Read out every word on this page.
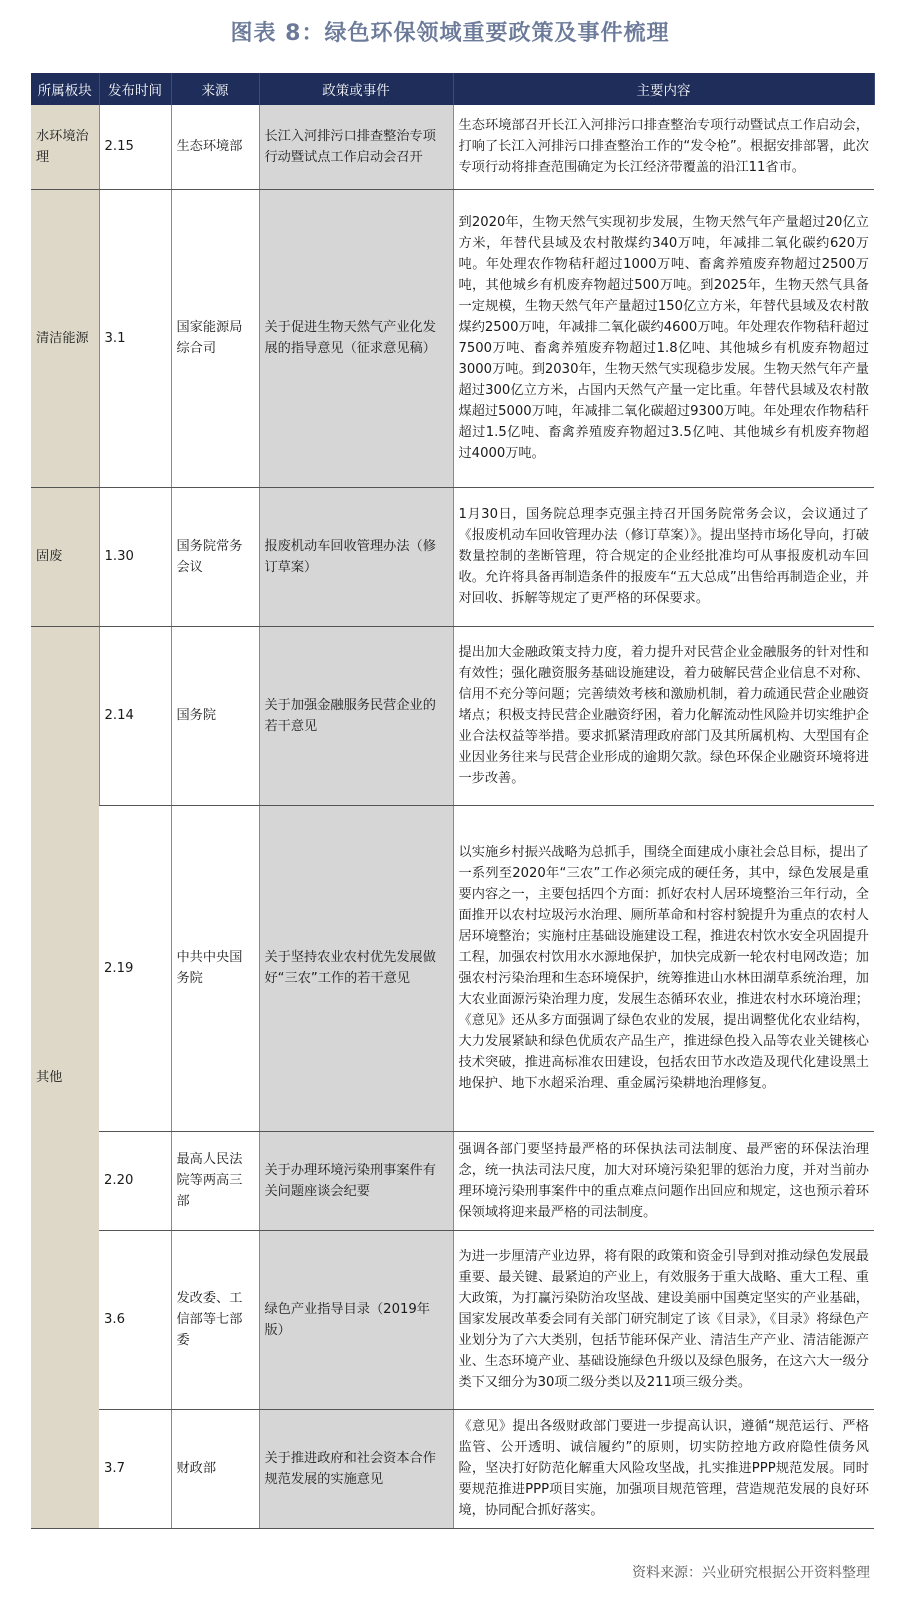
图表 8：绿色环保领域重要政策及事件梳理
所属板块	发布时间	来源	政策或事件	主要内容
水环境治理	2.15	生态环境部	长江入河排污口排查整治专项行动暨试点工作启动会召开	生态环境部召开长江入河排污口排查整治专项行动暨试点工作启动会，打响了长江入河排污口排查整治工作的“发令枪”。根据安排部署，此次专项行动将排查范围确定为长江经济带覆盖的沿江11省市。
清洁能源	3.1	国家能源局综合司	关于促进生物天然气产业化发展的指导意见（征求意见稿）	到2020年，生物天然气实现初步发展，生物天然气年产量超过20亿立方米，年替代县域及农村散煤约340万吨，年减排二氧化碳约620万吨。年处理农作物秸秆超过1000万吨、畜禽养殖废弃物超过2500万吨，其他城乡有机废弃物超过500万吨。到2025年，生物天然气具备一定规模，生物天然气年产量超过150亿立方米，年替代县域及农村散煤约2500万吨，年减排二氧化碳约4600万吨。年处理农作物秸秆超过7500万吨、畜禽养殖废弃物超过1.8亿吨、其他城乡有机废弃物超过3000万吨。到2030年，生物天然气实现稳步发展。生物天然气年产量超过300亿立方米，占国内天然气产量一定比重。年替代县域及农村散煤超过5000万吨，年减排二氧化碳超过9300万吨。年处理农作物秸秆超过1.5亿吨、畜禽养殖废弃物超过3.5亿吨、其他城乡有机废弃物超过4000万吨。
固废	1.30	国务院常务会议	报废机动车回收管理办法（修订草案）	1月30日，国务院总理李克强主持召开国务院常务会议，会议通过了《报废机动车回收管理办法（修订草案）》。提出坚持市场化导向，打破数量控制的垄断管理，符合规定的企业经批准均可从事报废机动车回收。允许将具备再制造条件的报废车“五大总成”出售给再制造企业，并对回收、拆解等规定了更严格的环保要求。
其他	2.14	国务院	关于加强金融服务民营企业的若干意见	提出加大金融政策支持力度，着力提升对民营企业金融服务的针对性和有效性；强化融资服务基础设施建设，着力破解民营企业信息不对称、信用不充分等问题；完善绩效考核和激励机制，着力疏通民营企业融资堵点；积极支持民营企业融资纾困，着力化解流动性风险并切实维护企业合法权益等举措。要求抓紧清理政府部门及其所属机构、大型国有企业因业务往来与民营企业形成的逾期欠款。绿色环保企业融资环境将进一步改善。
	2.19	中共中央国务院	关于坚持农业农村优先发展做好“三农”工作的若干意见	以实施乡村振兴战略为总抓手，围绕全面建成小康社会总目标，提出了一系列至2020年“三农”工作必须完成的硬任务，其中，绿色发展是重要内容之一，主要包括四个方面：抓好农村人居环境整治三年行动，全面推开以农村垃圾污水治理、厕所革命和村容村貌提升为重点的农村人居环境整治；实施村庄基础设施建设工程，推进农村饮水安全巩固提升工程，加强农村饮用水水源地保护，加快完成新一轮农村电网改造；加强农村污染治理和生态环境保护，统筹推进山水林田湖草系统治理，加大农业面源污染治理力度，发展生态循环农业，推进农村水环境治理；《意见》还从多方面强调了绿色农业的发展，提出调整优化农业结构，大力发展紧缺和绿色优质农产品生产，推进绿色投入品等农业关键核心技术突破，推进高标准农田建设，包括农田节水改造及现代化建设黑土地保护、地下水超采治理、重金属污染耕地治理修复。
	2.20	最高人民法院等两高三部	关于办理环境污染刑事案件有关问题座谈会纪要	强调各部门要坚持最严格的环保执法司法制度、最严密的环保法治理念，统一执法司法尺度，加大对环境污染犯罪的惩治力度，并对当前办理环境污染刑事案件中的重点难点问题作出回应和规定，这也预示着环保领域将迎来最严格的司法制度。
	3.6	发改委、工信部等七部委	绿色产业指导目录（2019年版）	为进一步厘清产业边界，将有限的政策和资金引导到对推动绿色发展最重要、最关键、最紧迫的产业上，有效服务于重大战略、重大工程、重大政策，为打赢污染防治攻坚战、建设美丽中国奠定坚实的产业基础，国家发展改革委会同有关部门研究制定了该《目录》，《目录》将绿色产业划分为了六大类别，包括节能环保产业、清洁生产产业、清洁能源产业、生态环境产业、基础设施绿色升级以及绿色服务，在这六大一级分类下又细分为30项二级分类以及211项三级分类。
	3.7	财政部	关于推进政府和社会资本合作规范发展的实施意见	《意见》提出各级财政部门要进一步提高认识，遵循“规范运行、严格监管、公开透明、诚信履约”的原则，切实防控地方政府隐性债务风险，坚决打好防范化解重大风险攻坚战，扎实推进PPP规范发展。同时要规范推进PPP项目实施，加强项目规范管理，营造规范发展的良好环境，协同配合抓好落实。
资料来源：兴业研究根据公开资料整理
